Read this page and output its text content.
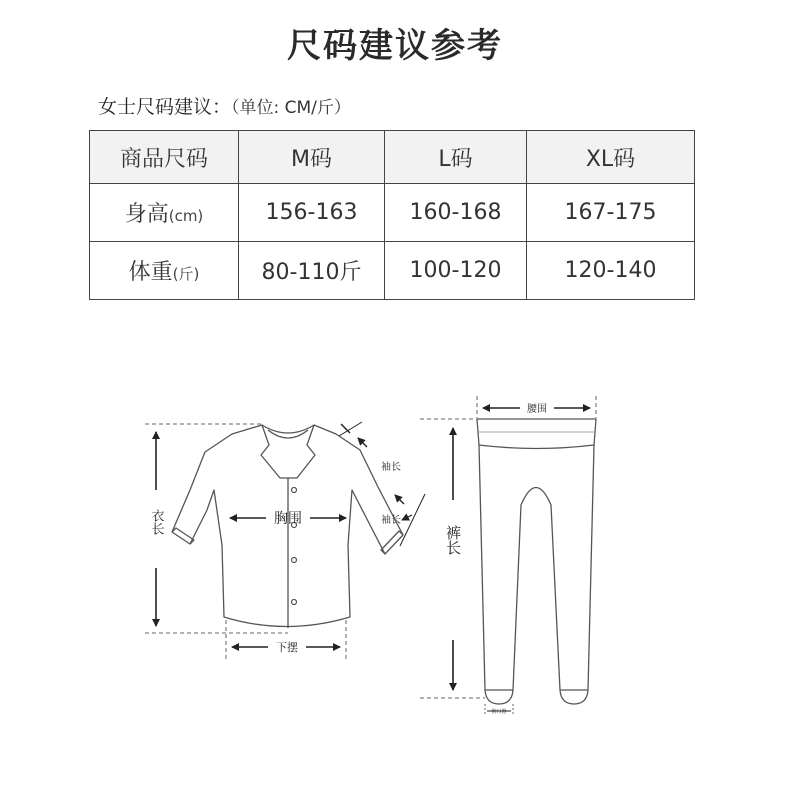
尺码建议参考
女士尺码建议：（单位: CM/斤）
商品尺码	M码	L码	XL码
身高(cm)	156-163	160-168	167-175
体重(斤)	80-110斤	100-120	120-140
衣长	胸围
袖长
袖长
下摆
腰围
裤长
裤口围
